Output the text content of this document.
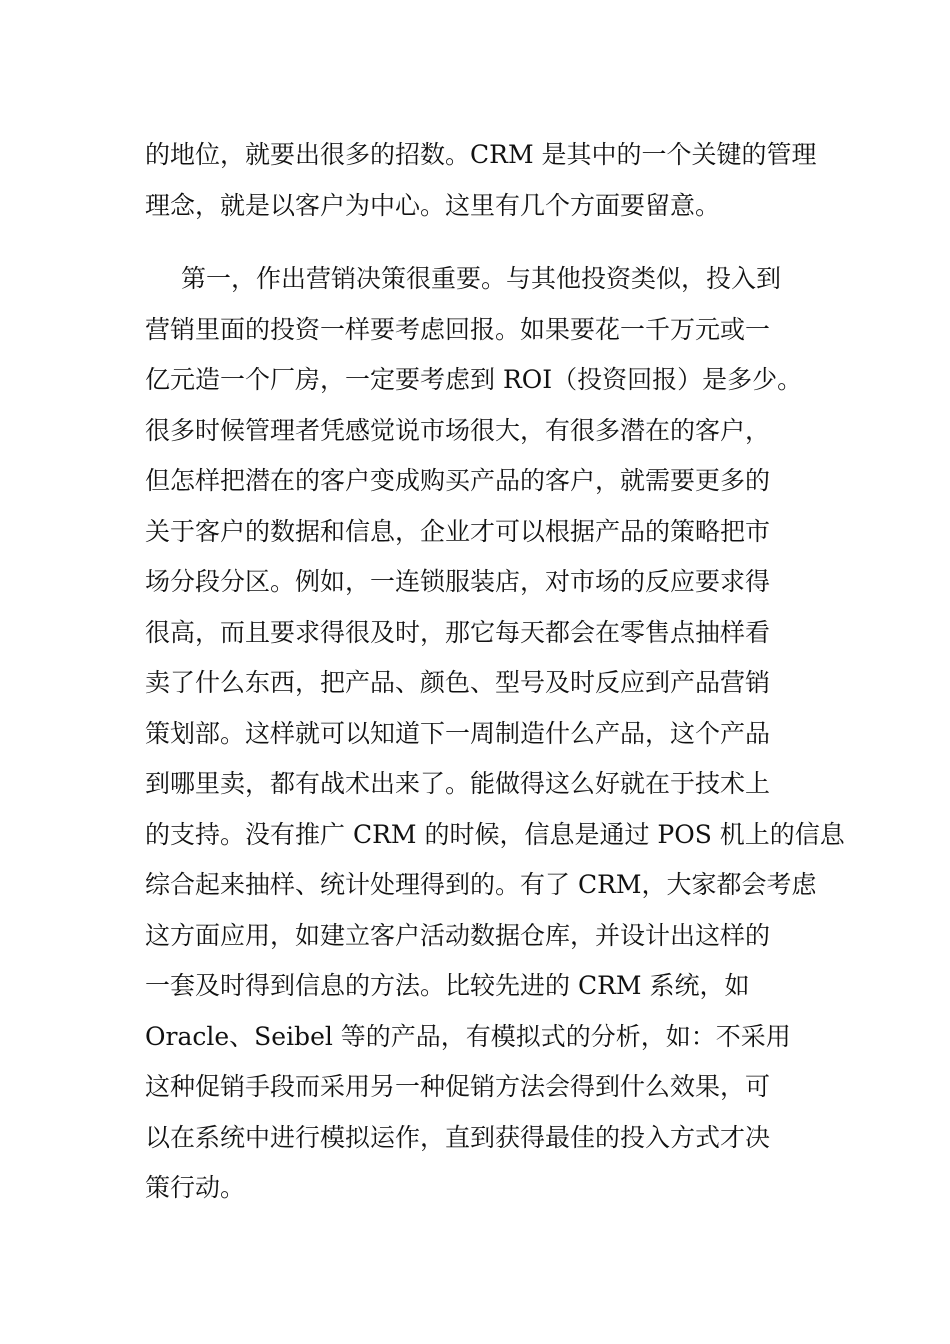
的地位，就要出很多的招数。CRM 是其中的一个关键的管理
理念，就是以客户为中心。这里有几个方面要留意。
第一，作出营销决策很重要。与其他投资类似，投入到
营销里面的投资一样要考虑回报。如果要花一千万元或一
亿元造一个厂房，一定要考虑到 ROI（投资回报）是多少。
很多时候管理者凭感觉说市场很大，有很多潜在的客户，
但怎样把潜在的客户变成购买产品的客户，就需要更多的
关于客户的数据和信息，企业才可以根据产品的策略把市
场分段分区。例如，一连锁服装店，对市场的反应要求得
很高，而且要求得很及时，那它每天都会在零售点抽样看
卖了什么东西，把产品、颜色、型号及时反应到产品营销
策划部。这样就可以知道下一周制造什么产品，这个产品
到哪里卖，都有战术出来了。能做得这么好就在于技术上
的支持。没有推广 CRM 的时候，信息是通过 POS 机上的信息
综合起来抽样、统计处理得到的。有了 CRM，大家都会考虑
这方面应用，如建立客户活动数据仓库，并设计出这样的
一套及时得到信息的方法。比较先进的 CRM 系统，如
Oracle、Seibel 等的产品，有模拟式的分析，如：不采用
这种促销手段而采用另一种促销方法会得到什么效果，可
以在系统中进行模拟运作，直到获得最佳的投入方式才决
策行动。
